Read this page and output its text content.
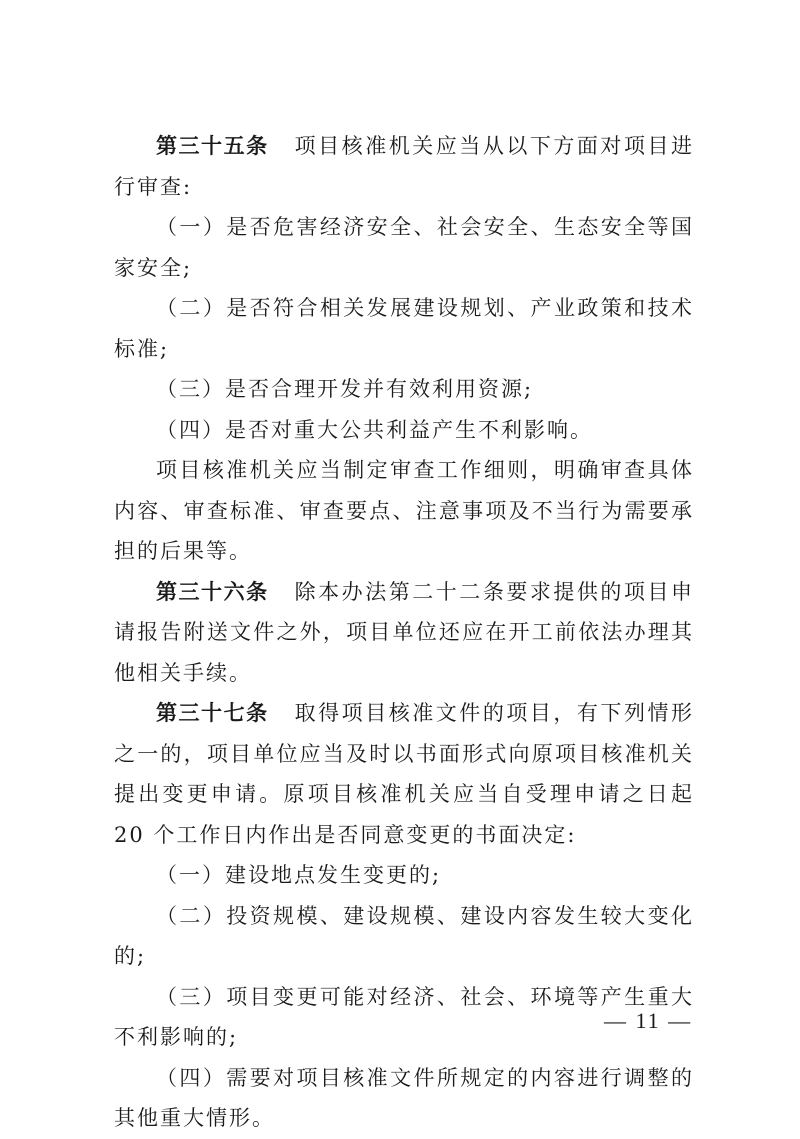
第三十五条 项目核准机关应当从以下方面对项目进行审查:

（一）是否危害经济安全、社会安全、生态安全等国家安全;

（二）是否符合相关发展建设规划、产业政策和技术标准;

（三）是否合理开发并有效利用资源;

（四）是否对重大公共利益产生不利影响。

项目核准机关应当制定审查工作细则，明确审查具体内容、审查标准、审查要点、注意事项及不当行为需要承担的后果等。

第三十六条 除本办法第二十二条要求提供的项目申请报告附送文件之外，项目单位还应在开工前依法办理其他相关手续。

第三十七条 取得项目核准文件的项目，有下列情形之一的，项目单位应当及时以书面形式向原项目核准机关提出变更申请。原项目核准机关应当自受理申请之日起 20 个工作日内作出是否同意变更的书面决定:

（一）建设地点发生变更的;

（二）投资规模、建设规模、建设内容发生较大变化的;

（三）项目变更可能对经济、社会、环境等产生重大不利影响的;

（四）需要对项目核准文件所规定的内容进行调整的其他重大情形。

— 11 —
